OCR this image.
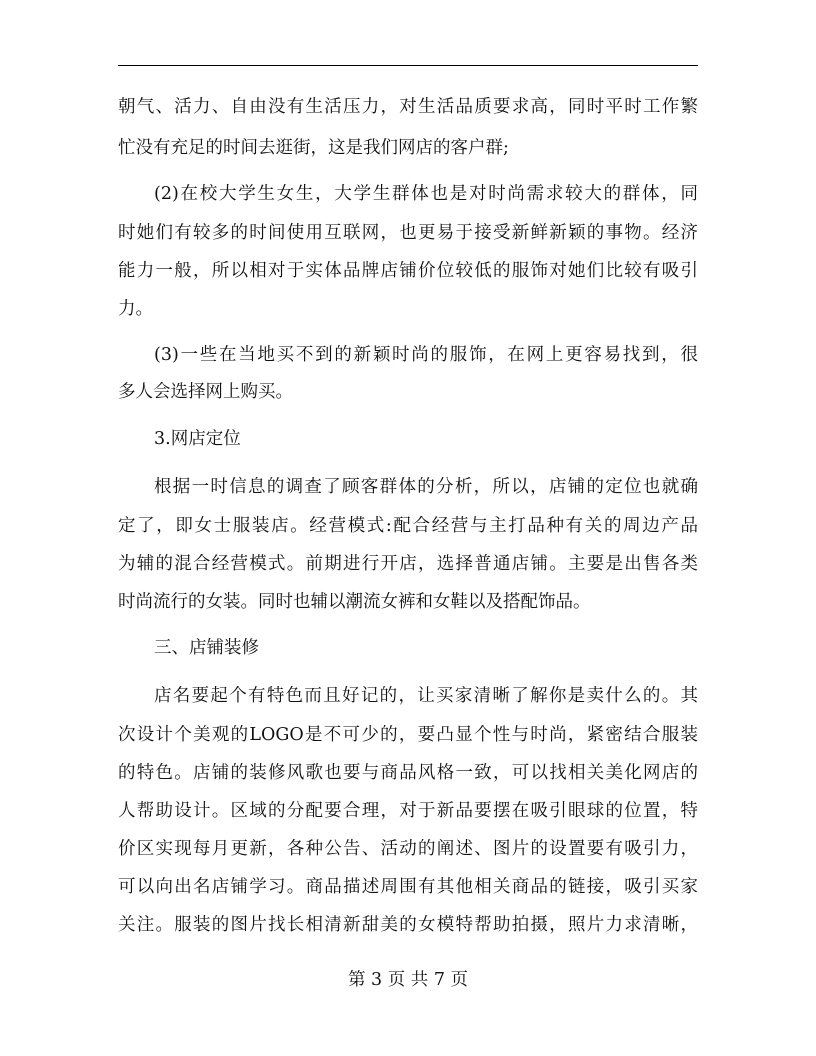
朝气、活力、自由没有生活压力，对生活品质要求高，同时平时工作繁
忙没有充足的时间去逛街，这是我们网店的客户群;
(2)在校大学生女生，大学生群体也是对时尚需求较大的群体，同
时她们有较多的时间使用互联网，也更易于接受新鲜新颖的事物。经济
能力一般，所以相对于实体品牌店铺价位较低的服饰对她们比较有吸引
力。
(3)一些在当地买不到的新颖时尚的服饰，在网上更容易找到，很
多人会选择网上购买。
3.网店定位
根据一时信息的调查了顾客群体的分析，所以，店铺的定位也就确
定了，即女士服装店。经营模式:配合经营与主打品种有关的周边产品
为辅的混合经营模式。前期进行开店，选择普通店铺。主要是出售各类
时尚流行的女装。同时也辅以潮流女裤和女鞋以及搭配饰品。
三、店铺装修
店名要起个有特色而且好记的，让买家清晰了解你是卖什么的。其
次设计个美观的LOGO是不可少的，要凸显个性与时尚，紧密结合服装
的特色。店铺的装修风歌也要与商品风格一致，可以找相关美化网店的
人帮助设计。区域的分配要合理，对于新品要摆在吸引眼球的位置，特
价区实现每月更新，各种公告、活动的阐述、图片的设置要有吸引力，
可以向出名店铺学习。商品描述周围有其他相关商品的链接，吸引买家
关注。服装的图片找长相清新甜美的女模特帮助拍摄，照片力求清晰，
第 3 页 共 7 页
